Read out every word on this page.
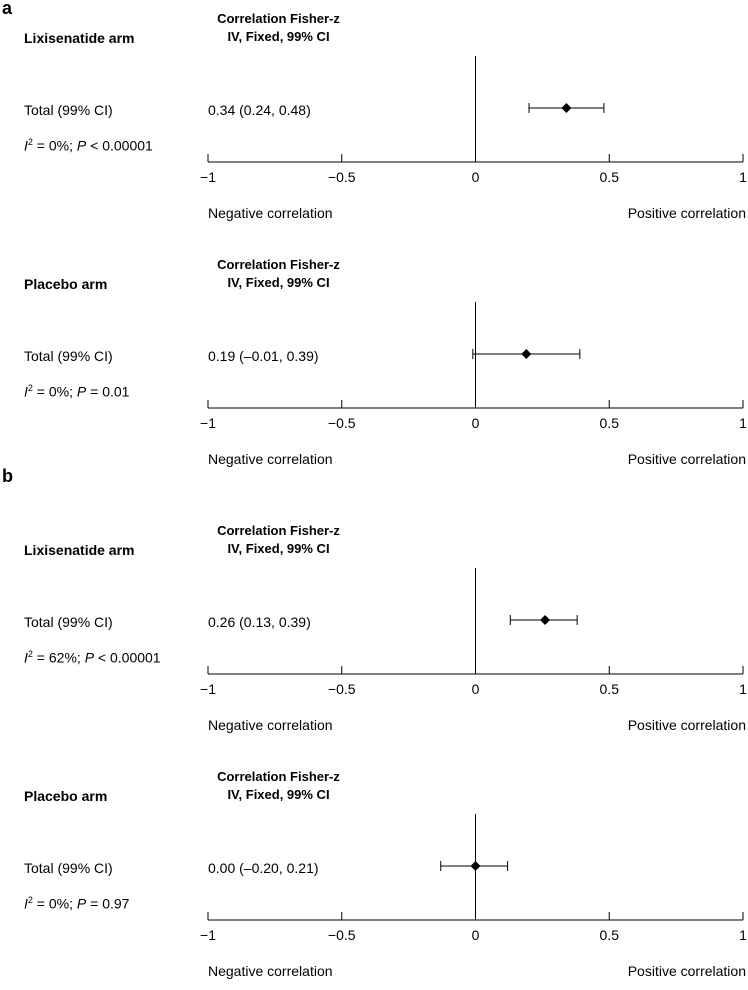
a
b
Correlation Fisher-z
IV, Fixed, 99% CI
Lixisenatide arm
Total (99% CI)	0.34 (0.24, 0.48)
$I^2 = 0\%$; P < 0.00001
−1	−0.5	0	0.5	1
Negative correlation	Positive correlation
Correlation Fisher-z
IV, Fixed, 99% CI
Placebo arm
Total (99% CI)	0.19 (–0.01, 0.39)
$I^2 = 0\%$; P = 0.01
−1	−0.5	0	0.5	1
Negative correlation	Positive correlation
Correlation Fisher-z
IV, Fixed, 99% CI
Lixisenatide arm
Total (99% CI)	0.26 (0.13, 0.39)
$I^2 = 62\%$; P < 0.00001
−1	−0.5	0	0.5	1
Negative correlation	Positive correlation
Correlation Fisher-z
IV, Fixed, 99% CI
Placebo arm
Total (99% CI)	0.00 (–0.20, 0.21)
$I^2 = 0\%$; P = 0.97
−1	−0.5	0	0.5	1
Negative correlation	Positive correlation
